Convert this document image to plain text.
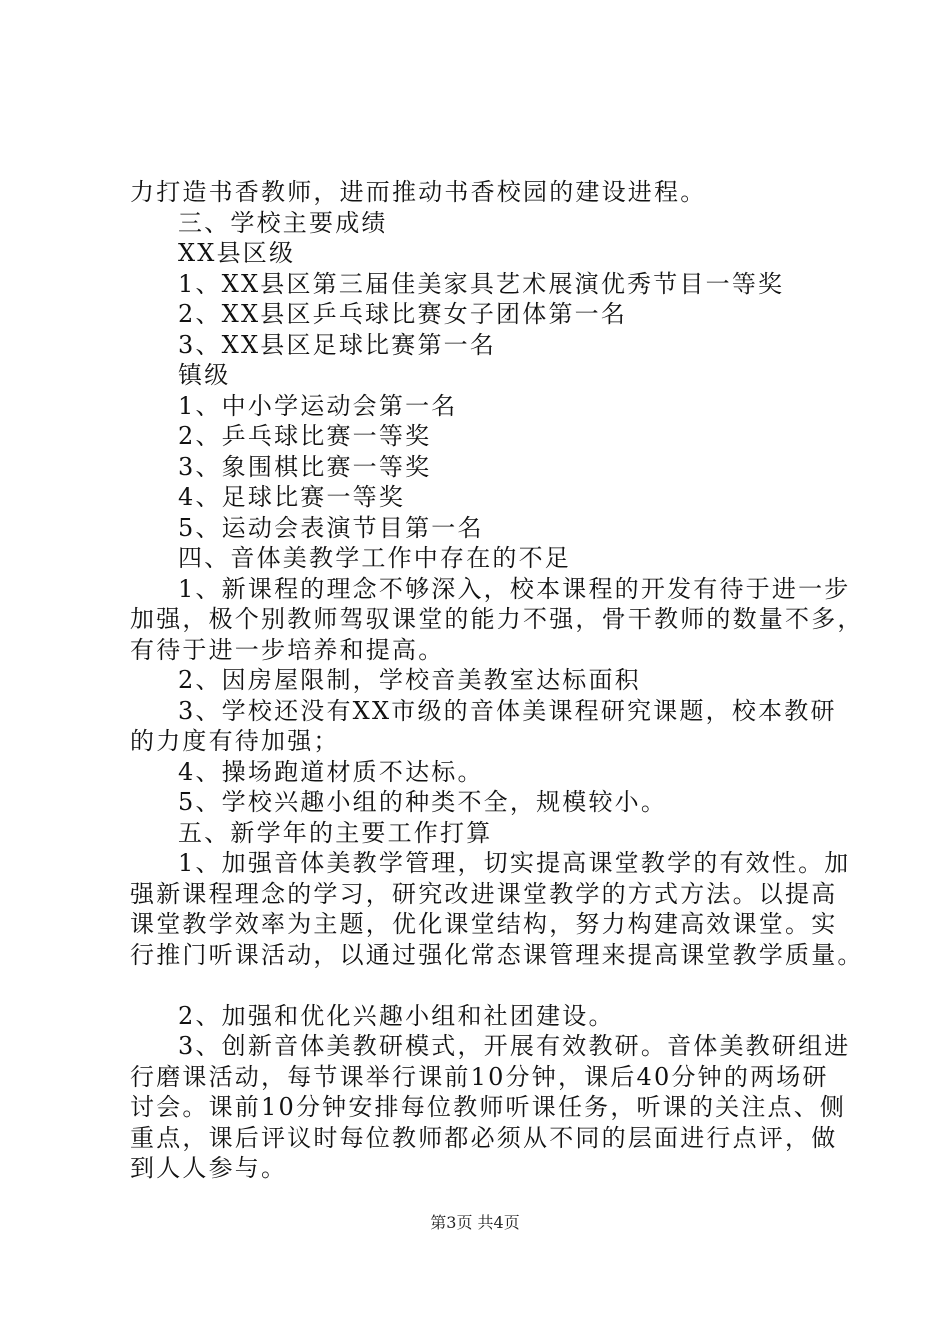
力打造书香教师，进而推动书香校园的建设进程。
三、学校主要成绩
XX县区级
1、XX县区第三届佳美家具艺术展演优秀节目一等奖
2、XX县区乒乓球比赛女子团体第一名
3、XX县区足球比赛第一名
镇级
1、中小学运动会第一名
2、乒乓球比赛一等奖
3、象围棋比赛一等奖
4、足球比赛一等奖
5、运动会表演节目第一名
四、音体美教学工作中存在的不足
1、新课程的理念不够深入，校本课程的开发有待于进一步
加强，极个别教师驾驭课堂的能力不强，骨干教师的数量不多，
有待于进一步培养和提高。
2、因房屋限制，学校音美教室达标面积
3、学校还没有XX市级的音体美课程研究课题，校本教研
的力度有待加强；
4、操场跑道材质不达标。
5、学校兴趣小组的种类不全，规模较小。
五、新学年的主要工作打算
1、加强音体美教学管理，切实提高课堂教学的有效性。加
强新课程理念的学习，研究改进课堂教学的方式方法。以提高
课堂教学效率为主题，优化课堂结构，努力构建高效课堂。实
行推门听课活动，以通过强化常态课管理来提高课堂教学质量。
2、加强和优化兴趣小组和社团建设。
3、创新音体美教研模式，开展有效教研。音体美教研组进
行磨课活动，每节课举行课前10分钟，课后40分钟的两场研
讨会。课前10分钟安排每位教师听课任务，听课的关注点、侧
重点，课后评议时每位教师都必须从不同的层面进行点评，做
到人人参与。
第3页 共4页
